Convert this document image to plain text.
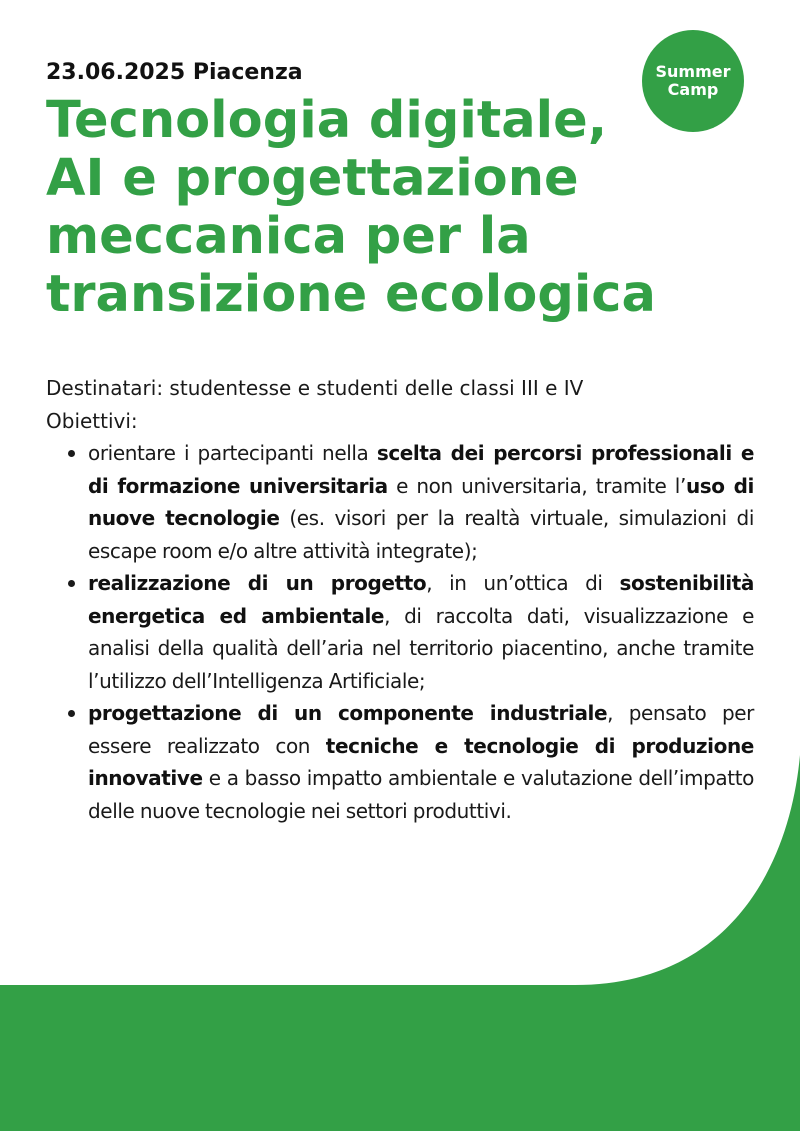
23.06.2025 Piacenza
Tecnologia digitale,
AI e progettazione
meccanica per la
transizione ecologica
Summer
Camp

Destinatari: studentesse e studenti delle classi III e IV

Obiettivi:

orientare i partecipanti nella scelta dei percorsi professionali e di formazione universitaria e non universitaria, tramite l’uso di nuove tecnologie (es. visori per la realtà virtuale, simulazioni di escape room e/o altre attività integrate);
realizzazione di un progetto, in un’ottica di sostenibilità energetica ed ambientale, di raccolta dati, visualizzazione e analisi della qualità dell’aria nel territorio piacentino, anche tramite l’utilizzo dell’Intelligenza Artificiale;
progettazione di un componente industriale, pensato per essere realizzato con tecniche e tecnologie di produzione innovative e a basso impatto ambientale e valutazione dell’impatto delle nuove tecnologie nei settori produttivi.
